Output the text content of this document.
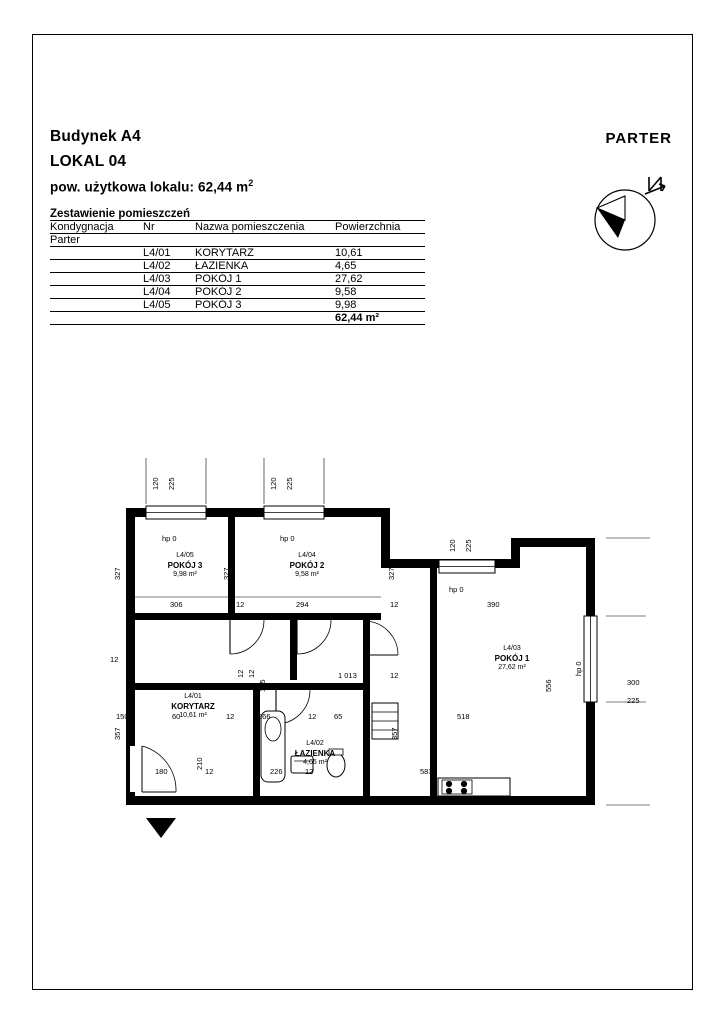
Budynek A4
LOKAL 04
pow. użytkowa lokalu: 62,44 $m^2$
PARTER
Zestawienie pomieszczeń			
Kondygnacja	Nr	Nazwa pomieszczenia	Powierzchnia
Parter			
	L4/01	KORYTARZ	10,61
	L4/02	ŁAZIENKA	4,65
	L4/03	POKÓJ 1	27,62
	L4/04	POKÓJ 2	9,58
	L4/05	POKÓJ 3	9,98
			62,44 m²
120 225	120 225
120 225
hp 0	hp 0
hp 0
hp 0
L4/05
POKÓJ 3
9,98 m²
L4/04
POKÓJ 2
9,58 m²
L4/03
POKÓJ 1
27,62 m²
L4/01
KORYTARZ
10,61 m²
L4/02
ŁAZIENKA
4,65 m²
327	327	327
306	294
12	12	390
1 013	12
12
12 12
135	556
357	357
210
150	60	12	266	12 65	518
180	12	226	12	583
300
225
